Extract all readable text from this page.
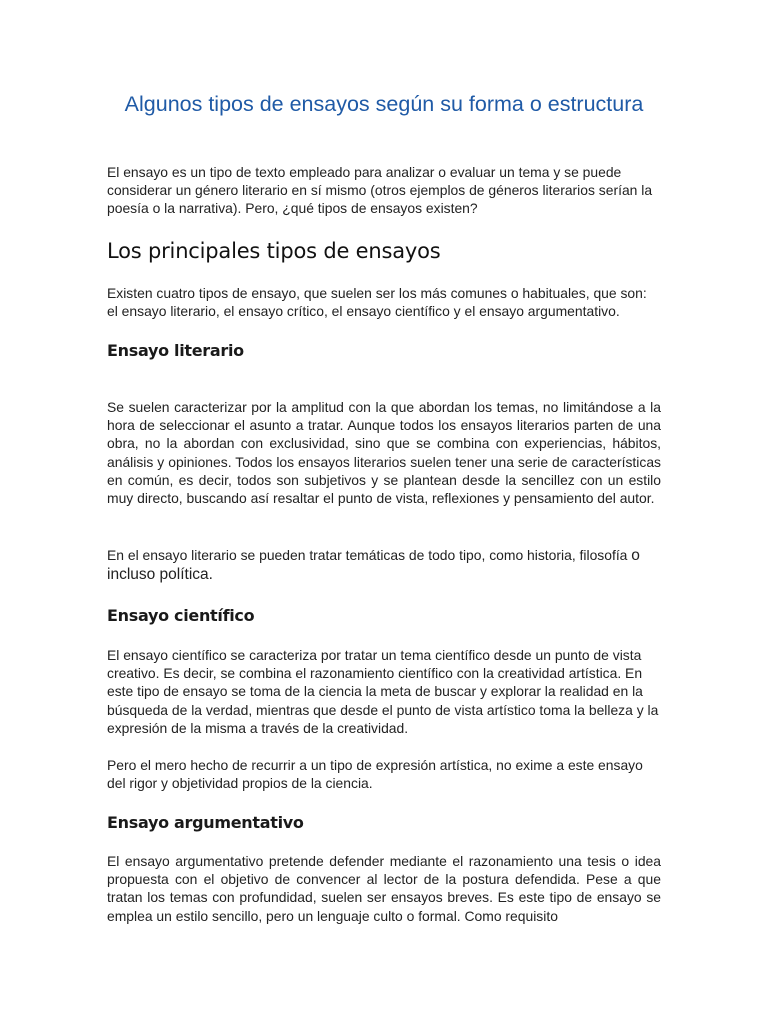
Algunos tipos de ensayos según su forma o estructura

El ensayo es un tipo de texto empleado para analizar o evaluar un tema y se puede considerar un género literario en sí mismo (otros ejemplos de géneros literarios serían la poesía o la narrativa). Pero, ¿qué tipos de ensayos existen?

Los principales tipos de ensayos

Existen cuatro tipos de ensayo, que suelen ser los más comunes o habituales, que son: el ensayo literario, el ensayo crítico, el ensayo científico y el ensayo argumentativo.

Ensayo literario

Se suelen caracterizar por la amplitud con la que abordan los temas, no limitándose a la hora de seleccionar el asunto a tratar. Aunque todos los ensayos literarios parten de una obra, no la abordan con exclusividad, sino que se combina con experiencias, hábitos, análisis y opiniones. Todos los ensayos literarios suelen tener una serie de características en común, es decir, todos son subjetivos y se plantean desde la sencillez con un estilo muy directo, buscando así resaltar el punto de vista, reflexiones y pensamiento del autor.

En el ensayo literario se pueden tratar temáticas de todo tipo, como historia, filosofía o incluso política.

Ensayo científico

El ensayo científico se caracteriza por tratar un tema científico desde un punto de vista creativo. Es decir, se combina el razonamiento científico con la creatividad artística. En este tipo de ensayo se toma de la ciencia la meta de buscar y explorar la realidad en la búsqueda de la verdad, mientras que desde el punto de vista artístico toma la belleza y la expresión de la misma a través de la creatividad.

Pero el mero hecho de recurrir a un tipo de expresión artística, no exime a este ensayo del rigor y objetividad propios de la ciencia.

Ensayo argumentativo

El ensayo argumentativo pretende defender mediante el razonamiento una tesis o idea propuesta con el objetivo de convencer al lector de la postura defendida. Pese a que tratan los temas con profundidad, suelen ser ensayos breves. Es este tipo de ensayo se emplea un estilo sencillo, pero un lenguaje culto o formal. Como requisito
